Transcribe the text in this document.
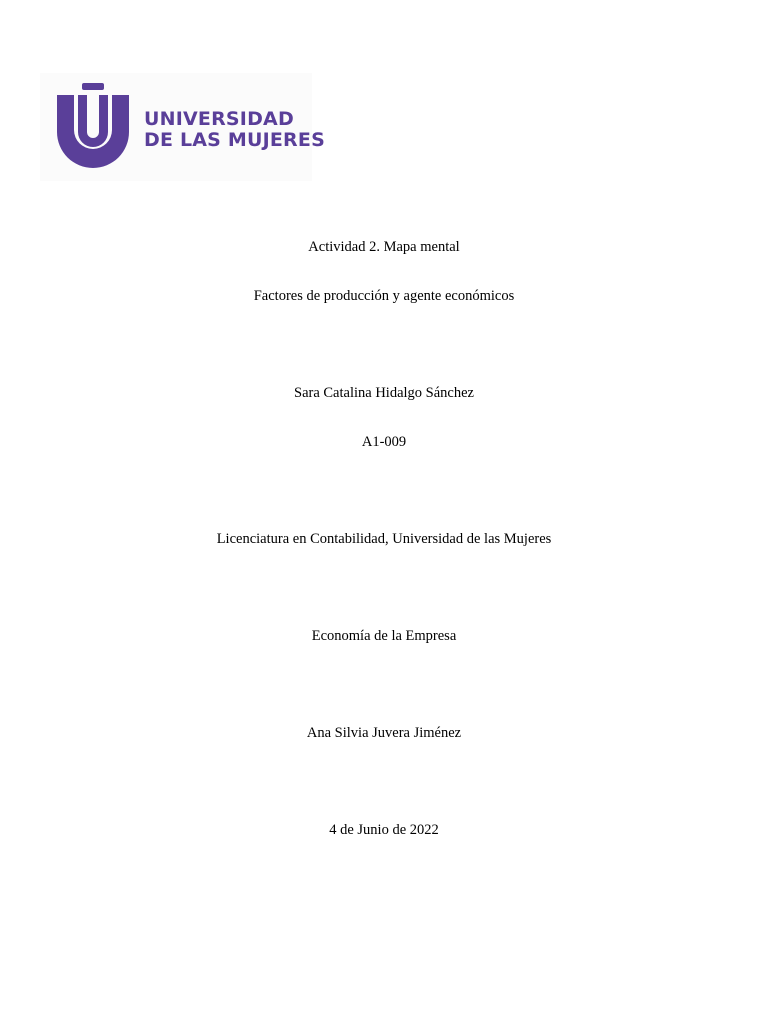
UNIVERSIDAD
DE LAS MUJERES
Actividad 2. Mapa mental
Factores de producción y agente económicos
Sara Catalina Hidalgo Sánchez
A1-009
Licenciatura en Contabilidad, Universidad de las Mujeres
Economía de la Empresa
Ana Silvia Juvera Jiménez
4 de Junio de 2022
